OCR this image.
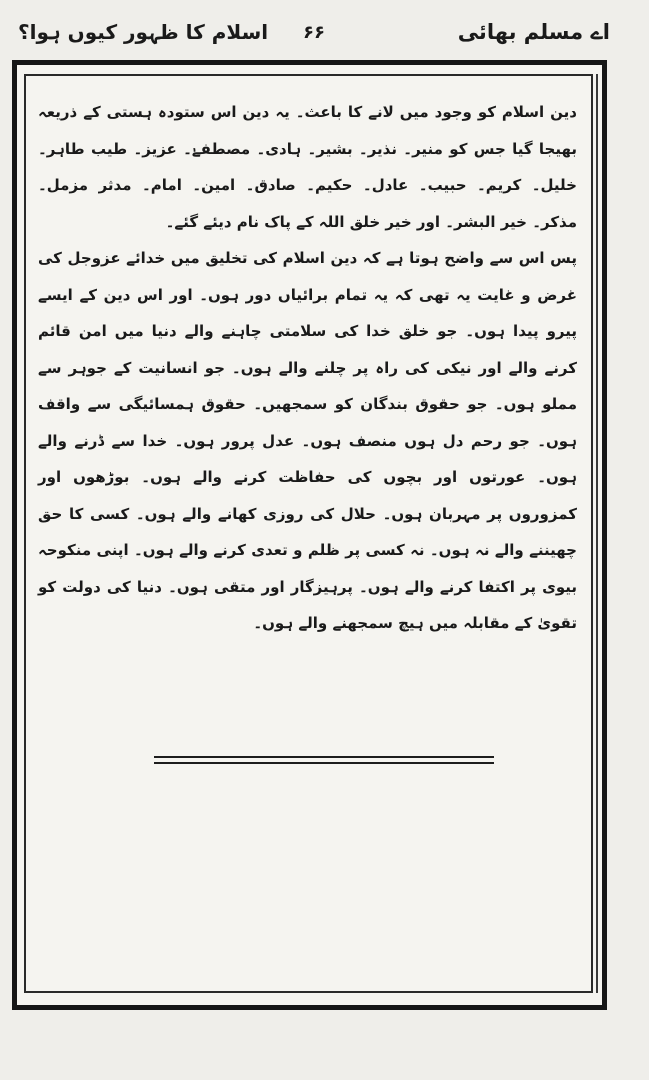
اے مسلم بھائی
۶۶
اسلام کا ظہور کیوں ہوا؟
دین اسلام کو وجود میں لانے کا باعث۔ یہ دین اس ستودہ ہستی کے ذریعہ بھیجا گیا جس کو منیر۔ نذیر۔ بشیر۔ ہادی۔ مصطفےٰ۔ عزیز۔ طیب طاہر۔ خلیل۔ کریم۔ حبیب۔ عادل۔ حکیم۔ صادق۔ امین۔ امام۔ مدثر مزمل۔ مذکر۔ خیر البشر۔ اور خیر خلق اللہ کے پاک نام دیئے گئے۔
پس اس سے واضح ہوتا ہے کہ دین اسلام کی تخلیق میں خدائے عزوجل کی غرض و غایت یہ تھی کہ یہ تمام برائیاں دور ہوں۔ اور اس دین کے ایسے پیرو پیدا ہوں۔ جو خلق خدا کی سلامتی چاہنے والے دنیا میں امن قائم کرنے والے اور نیکی کی راہ پر چلنے والے ہوں۔ جو انسانیت کے جوہر سے مملو ہوں۔ جو حقوق بندگان کو سمجھیں۔ حقوق ہمسائیگی سے واقف ہوں۔ جو رحم دل ہوں منصف ہوں۔ عدل پرور ہوں۔ خدا سے ڈرنے والے ہوں۔ عورتوں اور بچوں کی حفاظت کرنے والے ہوں۔ بوڑھوں اور کمزوروں پر مہربان ہوں۔ حلال کی روزی کھانے والے ہوں۔ کسی کا حق چھیننے والے نہ ہوں۔ نہ کسی پر ظلم و تعدی کرنے والے ہوں۔ اپنی منکوحہ بیوی پر اکتفا کرنے والے ہوں۔ پرہیزگار اور متقی ہوں۔ دنیا کی دولت کو تقویٰ کے مقابلہ میں ہیچ سمجھنے والے ہوں۔
